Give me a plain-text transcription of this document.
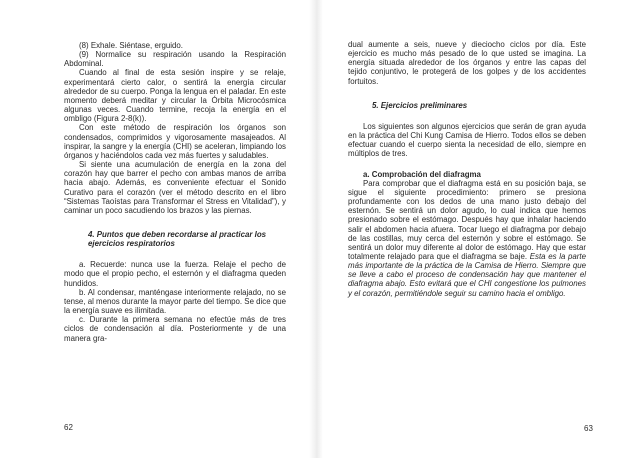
(8) Exhale. Siéntase, erguido.

(9) Normalice su respiración usando la Respiración Abdominal.

Cuando al final de esta sesión inspire y se relaje, experimentará cierto calor, o sentirá la energía circular alrededor de su cuerpo. Ponga la lengua en el paladar. En este momento deberá meditar y circular la Órbita Microcósmica algunas veces. Cuando termine, recoja la energía en el ombligo (Figura 2-8(k)).

Con este método de respiración los órganos son condensados, comprimidos y vigorosamente masajeados. Al inspirar, la sangre y la energía (CHI) se aceleran, limpiando los órganos y haciéndolos cada vez más fuertes y saludables.

Si siente una acumulación de energía en la zona del corazón hay que barrer el pecho con ambas manos de arriba hacia abajo. Además, es conveniente efectuar el Sonido Curativo para el corazón (ver el método descrito en el libro “Sistemas Taoístas para Transformar el Stress en Vitalidad”), y caminar un poco sacudiendo los brazos y las piernas.

4. Puntos que deben recordarse al practicar los ejercicios respiratorios

a. Recuerde: nunca use la fuerza. Relaje el pecho de modo que el propio pecho, el esternón y el diafragma queden hundidos.

b. Al condensar, manténgase interiormente relajado, no se tense, al menos durante la mayor parte del tiempo. Se dice que la energía suave es ilimitada.

c. Durante la primera semana no efectúe más de tres ciclos de condensación al día. Posteriormente y de una manera gra-

62

dual aumente a seis, nueve y dieciocho ciclos por día. Este ejercicio es mucho más pesado de lo que usted se imagina. La energía situada alrededor de los órganos y entre las capas del tejido conjuntivo, le protegerá de los golpes y de los accidentes fortuitos.

5. Ejercicios preliminares

Los siguientes son algunos ejercicios que serán de gran ayuda en la práctica del Chi Kung Camisa de Hierro. Todos ellos se deben efectuar cuando el cuerpo sienta la necesidad de ello, siempre en múltiplos de tres.

a. Comprobación del diafragma

Para comprobar que el diafragma está en su posición baja, se sigue el siguiente procedimiento: primero se presiona profundamente con los dedos de una mano justo debajo del esternón. Se sentirá un dolor agudo, lo cual indica que hemos presionado sobre el estómago. Después hay que inhalar haciendo salir el abdomen hacia afuera. Tocar luego el diafragma por debajo de las costillas, muy cerca del esternón y sobre el estómago. Se sentirá un dolor muy diferente al dolor de estómago. Hay que estar totalmente relajado para que el diafragma se baje. Esta es la parte más importante de la práctica de la Camisa de Hierro. Siempre que se lleve a cabo el proceso de condensación hay que mantener el diafragma abajo. Esto evitará que el CHI congestione los pulmones y el corazón, permitiéndole seguir su camino hacia el ombligo.

63
